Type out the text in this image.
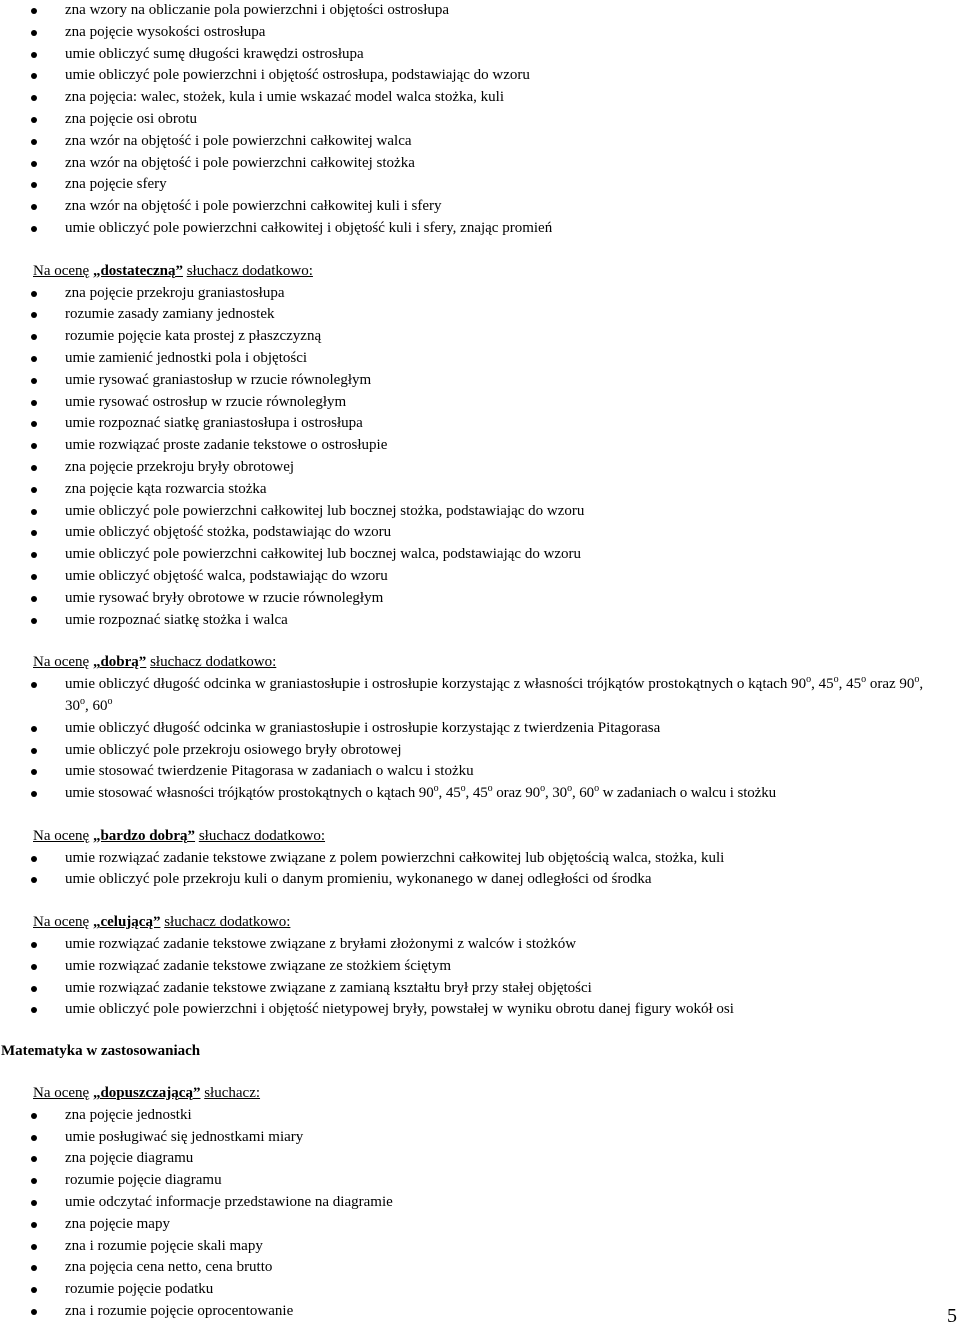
zna wzory na obliczanie pola powierzchni i objętości ostrosłupa
zna pojęcie wysokości ostrosłupa
umie obliczyć sumę długości krawędzi ostrosłupa
umie obliczyć pole powierzchni i objętość ostrosłupa, podstawiając do wzoru
zna pojęcia: walec, stożek, kula i umie wskazać model walca stożka, kuli
zna pojęcie osi obrotu
zna wzór na objętość i pole powierzchni całkowitej walca
zna wzór na objętość i pole powierzchni całkowitej stożka
zna pojęcie sfery
zna wzór na objętość i pole powierzchni całkowitej kuli i sfery
umie obliczyć pole powierzchni całkowitej i objętość kuli i sfery, znając promień
Na ocenę „dostateczną” słuchacz dodatkowo:
zna pojęcie przekroju graniastosłupa
rozumie zasady zamiany jednostek
rozumie pojęcie kata prostej z płaszczyzną
umie zamienić jednostki pola i objętości
umie rysować graniastosłup w rzucie równoległym
umie rysować ostrosłup w rzucie równoległym
umie rozpoznać siatkę graniastosłupa i ostrosłupa
umie rozwiązać proste zadanie tekstowe o ostrosłupie
zna pojęcie przekroju bryły obrotowej
zna pojęcie kąta rozwarcia stożka
umie obliczyć pole powierzchni całkowitej lub bocznej stożka, podstawiając do wzoru
umie obliczyć objętość stożka, podstawiając do wzoru
umie obliczyć pole powierzchni całkowitej lub bocznej walca, podstawiając do wzoru
umie obliczyć objętość walca, podstawiając do wzoru
umie rysować bryły obrotowe w rzucie równoległym
umie rozpoznać siatkę stożka i walca
Na ocenę „dobrą” słuchacz dodatkowo:
umie obliczyć długość odcinka w graniastosłupie i ostrosłupie korzystając z własności trójkątów prostokątnych o kątach 90$^o$, 45$^o$, 45$^o$ oraz 90$^o$, 30$^o$, 60$^o$
umie obliczyć długość odcinka w graniastosłupie i ostrosłupie korzystając z twierdzenia Pitagorasa
umie obliczyć pole przekroju osiowego bryły obrotowej
umie stosować twierdzenie Pitagorasa w zadaniach o walcu i stożku
umie stosować własności trójkątów prostokątnych o kątach 90$^o$, 45$^o$, 45$^o$ oraz 90$^o$, 30$^o$, 60$^o$ w zadaniach o walcu i stożku
Na ocenę „bardzo dobrą” słuchacz dodatkowo:
umie rozwiązać zadanie tekstowe związane z polem powierzchni całkowitej lub objętością walca, stożka, kuli
umie obliczyć pole przekroju kuli o danym promieniu, wykonanego w danej odległości od środka
Na ocenę „celującą” słuchacz dodatkowo:
umie rozwiązać zadanie tekstowe związane z bryłami złożonymi z walców i stożków
umie rozwiązać zadanie tekstowe związane ze stożkiem ściętym
umie rozwiązać zadanie tekstowe związane z zamianą kształtu brył przy stałej objętości
umie obliczyć pole powierzchni i objętość nietypowej bryły, powstałej w wyniku obrotu danej figury wokół osi
Matematyka w zastosowaniach
Na ocenę „dopuszczającą” słuchacz:
zna pojęcie jednostki
umie posługiwać się jednostkami miary
zna pojęcie diagramu
rozumie pojęcie diagramu
umie odczytać informacje przedstawione na diagramie
zna pojęcie mapy
zna i rozumie pojęcie skali mapy
zna pojęcia cena netto, cena brutto
rozumie pojęcie podatku
zna i rozumie pojęcie oprocentowanie	5
